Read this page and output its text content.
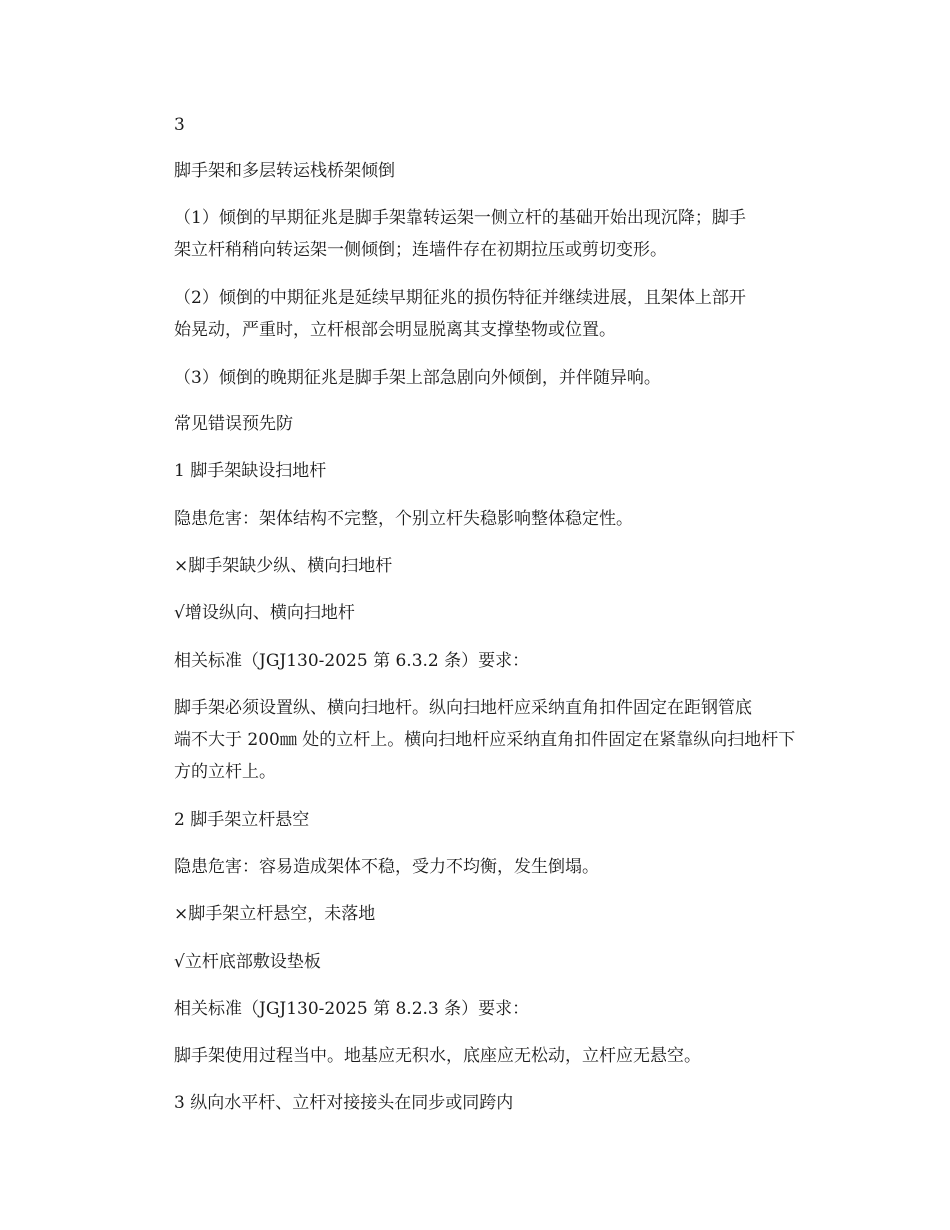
3

脚手架和多层转运栈桥架倾倒

（1）倾倒的早期征兆是脚手架靠转运架一侧立杆的基础开始出现沉降；脚手

架立杆稍稍向转运架一侧倾倒；连墙件存在初期拉压或剪切变形。

（2）倾倒的中期征兆是延续早期征兆的损伤特征并继续进展，且架体上部开

始晃动，严重时，立杆根部会明显脱离其支撑垫物或位置。

（3）倾倒的晚期征兆是脚手架上部急剧向外倾倒，并伴随异响。

常见错误预先防

1 脚手架缺设扫地杆

隐患危害：架体结构不完整，个别立杆失稳影响整体稳定性。

×脚手架缺少纵、横向扫地杆

√增设纵向、横向扫地杆

相关标准（JGJ130-2025 第 6.3.2 条）要求：

脚手架必须设置纵、横向扫地杆。纵向扫地杆应采纳直角扣件固定在距钢管底

端不大于 200㎜ 处的立杆上。横向扫地杆应采纳直角扣件固定在紧靠纵向扫地杆下

方的立杆上。

2 脚手架立杆悬空

隐患危害：容易造成架体不稳，受力不均衡，发生倒塌。

×脚手架立杆悬空，未落地

√立杆底部敷设垫板

相关标准（JGJ130-2025 第 8.2.3 条）要求：

脚手架使用过程当中。地基应无积水，底座应无松动，立杆应无悬空。

3 纵向水平杆、立杆对接接头在同步或同跨内
